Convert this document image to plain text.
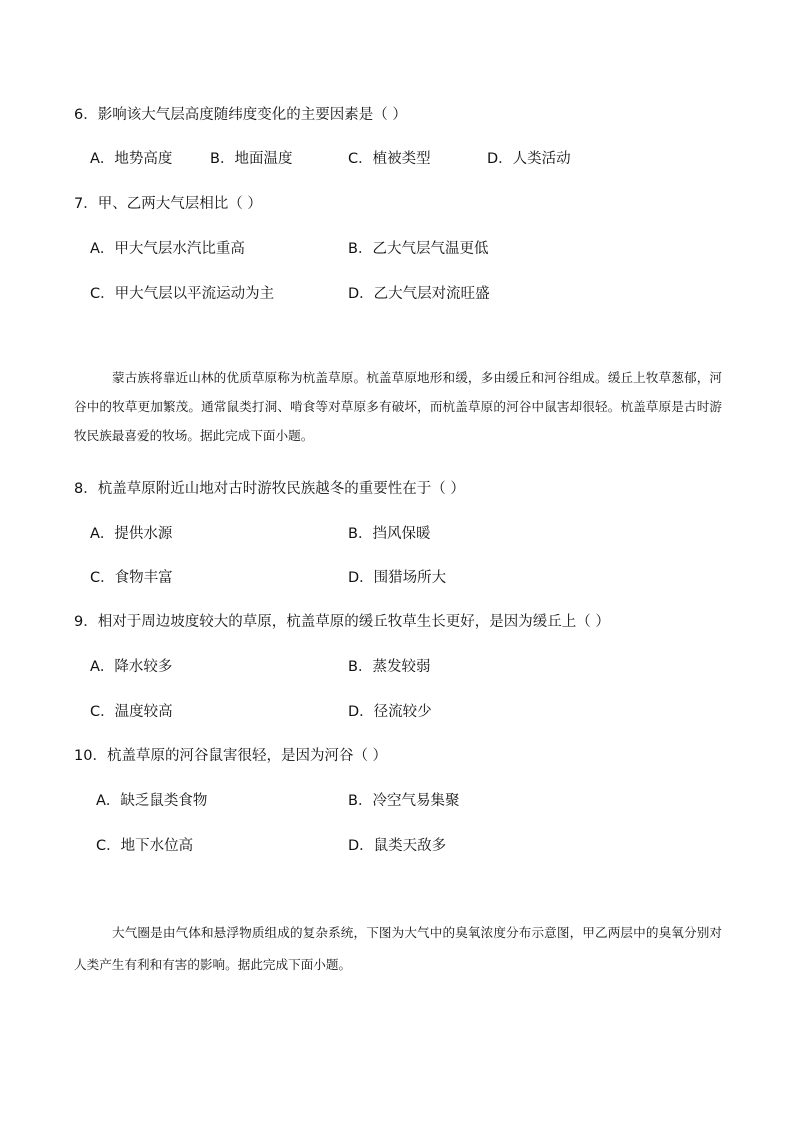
6．影响该大气层高度随纬度变化的主要因素是（ ）
A．地势高度	B．地面温度	C．植被类型	D．人类活动
7．甲、乙两大气层相比（ ）
A．甲大气层水汽比重高	B．乙大气层气温更低
C．甲大气层以平流运动为主	D．乙大气层对流旺盛
蒙古族将靠近山林的优质草原称为杭盖草原。杭盖草原地形和缓，多由缓丘和河谷组成。缓丘上牧草葱郁，河谷中的牧草更加繁茂。通常鼠类打洞、啃食等对草原多有破坏，而杭盖草原的河谷中鼠害却很轻。杭盖草原是古时游牧民族最喜爱的牧场。据此完成下面小题。
8．杭盖草原附近山地对古时游牧民族越冬的重要性在于（ ）
A．提供水源	B．挡风保暖
C．食物丰富	D．围猎场所大
9．相对于周边坡度较大的草原，杭盖草原的缓丘牧草生长更好，是因为缓丘上（ ）
A．降水较多	B．蒸发较弱
C．温度较高	D．径流较少
10．杭盖草原的河谷鼠害很轻，是因为河谷（ ）
A．缺乏鼠类食物	B．冷空气易集聚
C．地下水位高	D．鼠类天敌多
大气圈是由气体和悬浮物质组成的复杂系统，下图为大气中的臭氧浓度分布示意图，甲乙两层中的臭氧分别对人类产生有利和有害的影响。据此完成下面小题。
